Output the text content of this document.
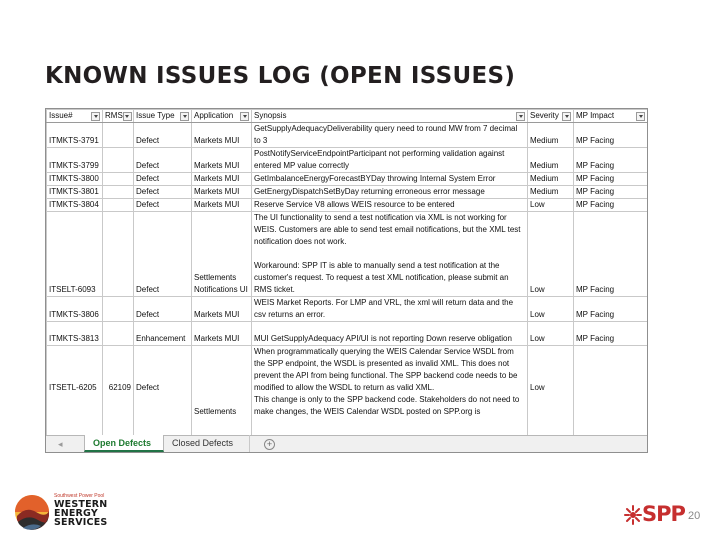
KNOWN ISSUES LOG (OPEN ISSUES)
Issue#	RMS	Issue Type	Application	Synopsis	Severity	MP Impact

ITMKTS-3791		Defect	Markets MUI	GetSupplyAdequacyDeliverability query need to round MW from 7 decimal to 3	Medium	MP Facing
ITMKTS-3799		Defect	Markets MUI	PostNotifyServiceEndpointParticipant not performing validation against entered MP value correctly	Medium	MP Facing
ITMKTS-3800		Defect	Markets MUI	GetImbalanceEnergyForecastBYDay throwing Internal System Error	Medium	MP Facing
ITMKTS-3801		Defect	Markets MUI	GetEnergyDispatchSetByDay returning erroneous error message	Medium	MP Facing
ITMKTS-3804		Defect	Markets MUI	Reserve Service V8 allows WEIS resource to be entered	Low	MP Facing
ITSELT-6093		Defect	Settlements Notifications UI	The UI functionality to send a test notification via XML is not working for WEIS. Customers are able to send test email notifications, but the XML test notification does not work.
Workaround: SPP IT is able to manually send a test notification at the customer's request. To request a test XML notification, please submit an RMS ticket.	Low	MP Facing
ITMKTS-3806		Defect	Markets MUI	WEIS Market Reports. For LMP and VRL, the xml will return data and the csv returns an error.	Low	MP Facing
ITMKTS-3813		Enhancement	Markets MUI	MUI GetSupplyAdequacy API/UI is not reporting Down reserve obligation	Low	MP Facing
ITSETL-6205	62109	Defect	Settlements	When programmatically querying the WEIS Calendar Service WSDL from the SPP endpoint, the WSDL is presented as invalid XML. This does not prevent the API from being functional. The SPP backend code needs to be modified to allow the WSDL to return as valid XML.
This change is only to the SPP backend code. Stakeholders do not need to make changes, the WEIS Calendar WSDL posted on SPP.org is	Low	
◂	Open Defects	Closed Defects	+
Southwest Power Pool
WESTERN
ENERGY
SERVICES	SPP 20
